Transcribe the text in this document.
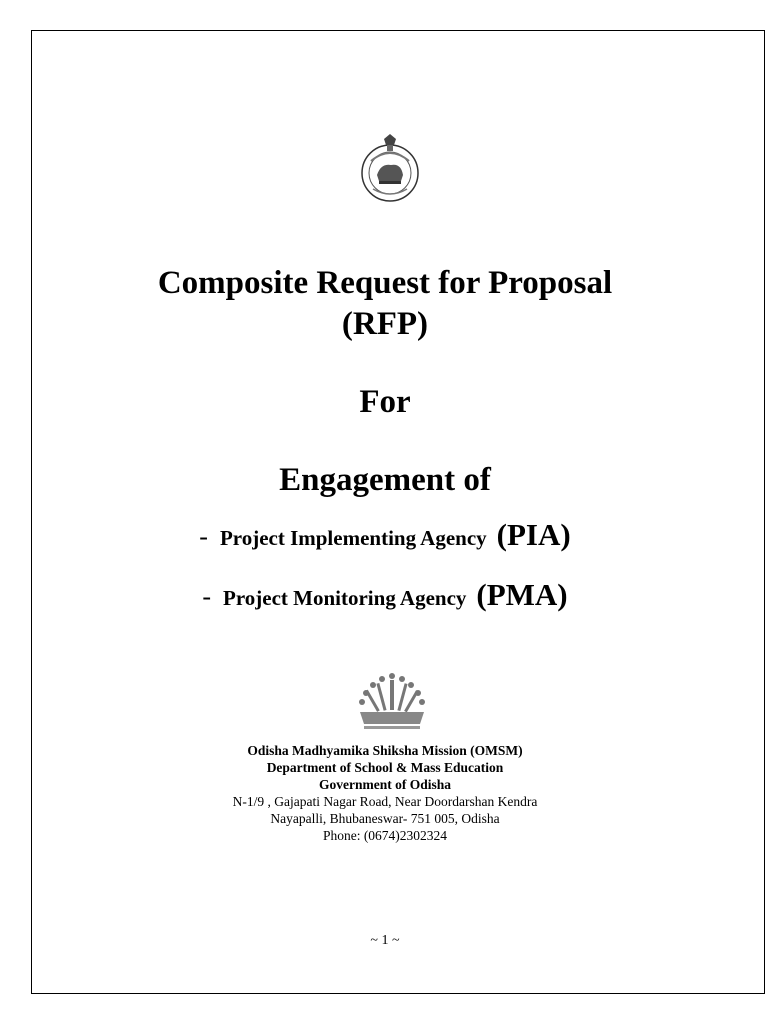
Composite Request for Proposal
(RFP)
For
Engagement of
- Project Implementing Agency (PIA)
- Project Monitoring Agency (PMA)
Odisha Madhyamika Shiksha Mission (OMSM)
Department of School & Mass Education
Government of Odisha
N-1/9 , Gajapati Nagar Road, Near Doordarshan Kendra
Nayapalli, Bhubaneswar- 751 005, Odisha
Phone: (0674)2302324
~ 1 ~
